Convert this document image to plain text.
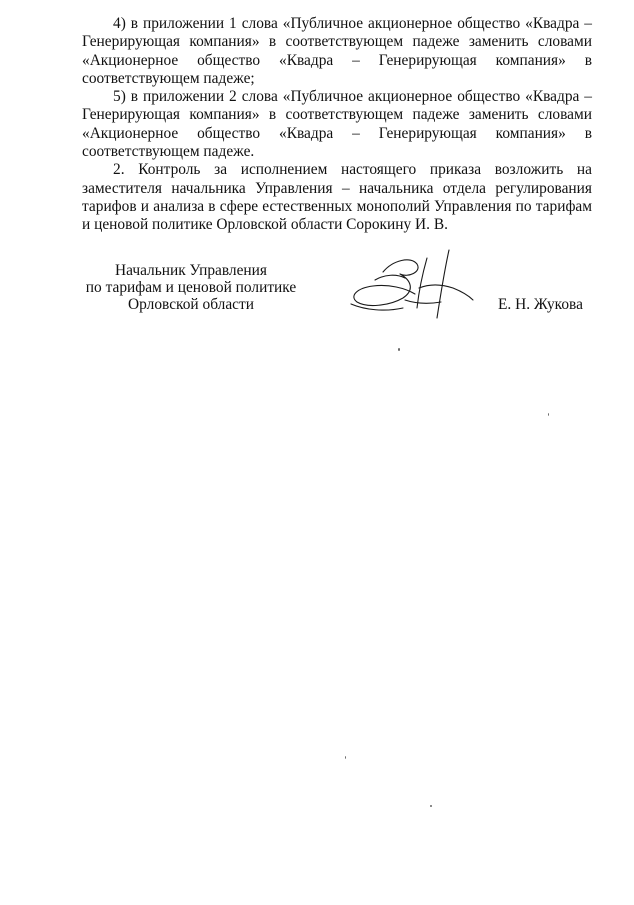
4) в приложении 1 слова «Публичное акционерное общество «Квадра – Генерирующая компания» в соответствующем падеже заменить словами «Акционерное общество «Квадра – Генерирующая компания» в соответствующем падеже;

5) в приложении 2 слова «Публичное акционерное общество «Квадра – Генерирующая компания» в соответствующем падеже заменить словами «Акционерное общество «Квадра – Генерирующая компания» в соответствующем падеже.

2. Контроль за исполнением настоящего приказа возложить на заместителя начальника Управления – начальника отдела регулирования тарифов и анализа в сфере естественных монополий Управления по тарифам и ценовой политике Орловской области Сорокину И. В.

Начальник Управления
по тарифам и ценовой политике
Орловской области	Е. Н. Жукова
